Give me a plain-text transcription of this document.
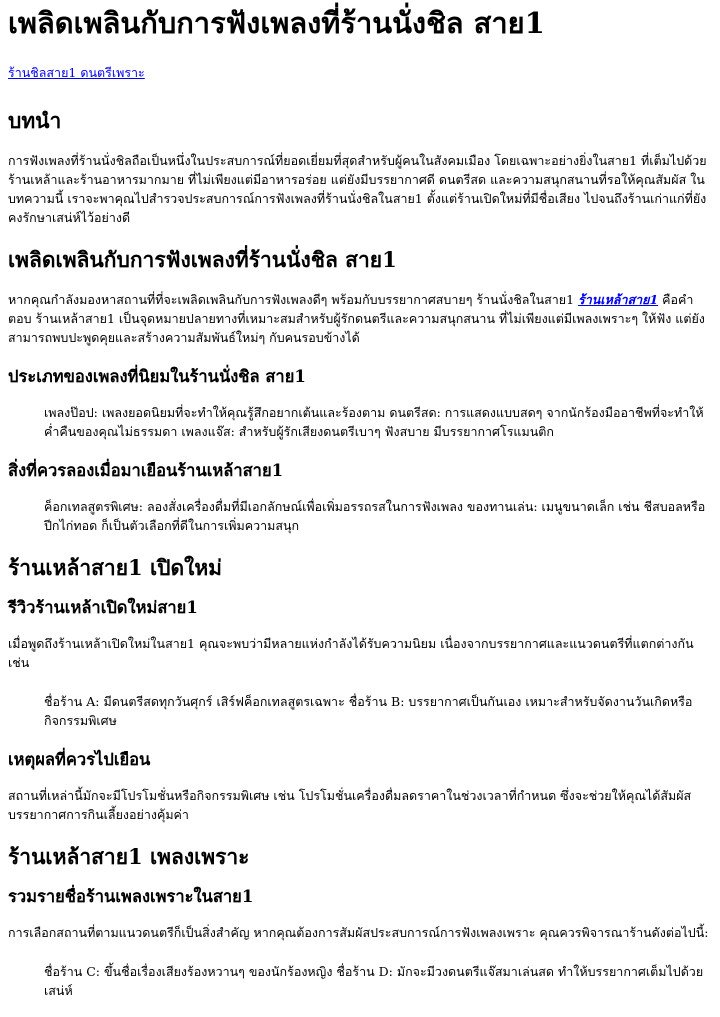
เพลิดเพลินกับการฟังเพลงที่ร้านนั่งชิล สาย1

ร้านชิลสาย1 ดนตรีเพราะ

บทนำ

การฟังเพลงที่ร้านนั่งชิลถือเป็นหนึ่งในประสบการณ์ที่ยอดเยี่ยมที่สุดสำหรับผู้คนในสังคมเมือง โดยเฉพาะอย่างยิ่งในสาย1 ที่เต็มไปด้วยร้านเหล้าและร้านอาหารมากมาย ที่ไม่เพียงแต่มีอาหารอร่อย แต่ยังมีบรรยากาศดี ดนตรีสด และความสนุกสนานที่รอให้คุณสัมผัส ในบทความนี้ เราจะพาคุณไปสำรวจประสบการณ์การฟังเพลงที่ร้านนั่งชิลในสาย1 ตั้งแต่ร้านเปิดใหม่ที่มีชื่อเสียง ไปจนถึงร้านเก่าแก่ที่ยังคงรักษาเสน่ห์ไว้อย่างดี

เพลิดเพลินกับการฟังเพลงที่ร้านนั่งชิล สาย1

หากคุณกำลังมองหาสถานที่ที่จะเพลิดเพลินกับการฟังเพลงดีๆ พร้อมกับบรรยากาศสบายๆ ร้านนั่งชิลในสาย1 ร้านเหล้าสาย1 คือคำตอบ ร้านเหล้าสาย1 เป็นจุดหมายปลายทางที่เหมาะสมสำหรับผู้รักดนตรีและความสนุกสนาน ที่ไม่เพียงแต่มีเพลงเพราะๆ ให้ฟัง แต่ยังสามารถพบปะพูดคุยและสร้างความสัมพันธ์ใหม่ๆ กับคนรอบข้างได้

ประเภทของเพลงที่นิยมในร้านนั่งชิล สาย1
เพลงป๊อป: เพลงยอดนิยมที่จะทำให้คุณรู้สึกอยากเต้นและร้องตาม ดนตรีสด: การแสดงแบบสดๆ จากนักร้องมืออาชีพที่จะทำให้ค่ำคืนของคุณไม่ธรรมดา เพลงแจ๊ส: สำหรับผู้รักเสียงดนตรีเบาๆ ฟังสบาย มีบรรยากาศโรแมนติก
สิ่งที่ควรลองเมื่อมาเยือนร้านเหล้าสาย1
ค็อกเทลสูตรพิเศษ: ลองสั่งเครื่องดื่มที่มีเอกลักษณ์เพื่อเพิ่มอรรถรสในการฟังเพลง ของทานเล่น: เมนูขนาดเล็ก เช่น ชีสบอลหรือปีกไก่ทอด ก็เป็นตัวเลือกที่ดีในการเพิ่มความสนุก
ร้านเหล้าสาย1 เปิดใหม่
รีวิวร้านเหล้าเปิดใหม่สาย1

เมื่อพูดถึงร้านเหล้าเปิดใหม่ในสาย1 คุณจะพบว่ามีหลายแห่งกำลังได้รับความนิยม เนื่องจากบรรยากาศและแนวดนตรีที่แตกต่างกัน เช่น

ชื่อร้าน A: มีดนตรีสดทุกวันศุกร์ เสิร์ฟค็อกเทลสูตรเฉพาะ ชื่อร้าน B: บรรยากาศเป็นกันเอง เหมาะสำหรับจัดงานวันเกิดหรือกิจกรรมพิเศษ
เหตุผลที่ควรไปเยือน

สถานที่เหล่านี้มักจะมีโปรโมชั่นหรือกิจกรรมพิเศษ เช่น โปรโมชั่นเครื่องดื่มลดราคาในช่วงเวลาที่กำหนด ซึ่งจะช่วยให้คุณได้สัมผัสบรรยากาศการกินเลี้ยงอย่างคุ้มค่า

ร้านเหล้าสาย1 เพลงเพราะ
รวมรายชื่อร้านเพลงเพราะในสาย1

การเลือกสถานที่ตามแนวดนตรีก็เป็นสิ่งสำคัญ หากคุณต้องการสัมผัสประสบการณ์การฟังเพลงเพราะ คุณควรพิจารณาร้านดังต่อไปนี้:

ชื่อร้าน C: ขึ้นชื่อเรื่องเสียงร้องหวานๆ ของนักร้องหญิง ชื่อร้าน D: มักจะมีวงดนตรีแจ๊สมาเล่นสด ทำให้บรรยากาศเต็มไปด้วยเสน่ห์
